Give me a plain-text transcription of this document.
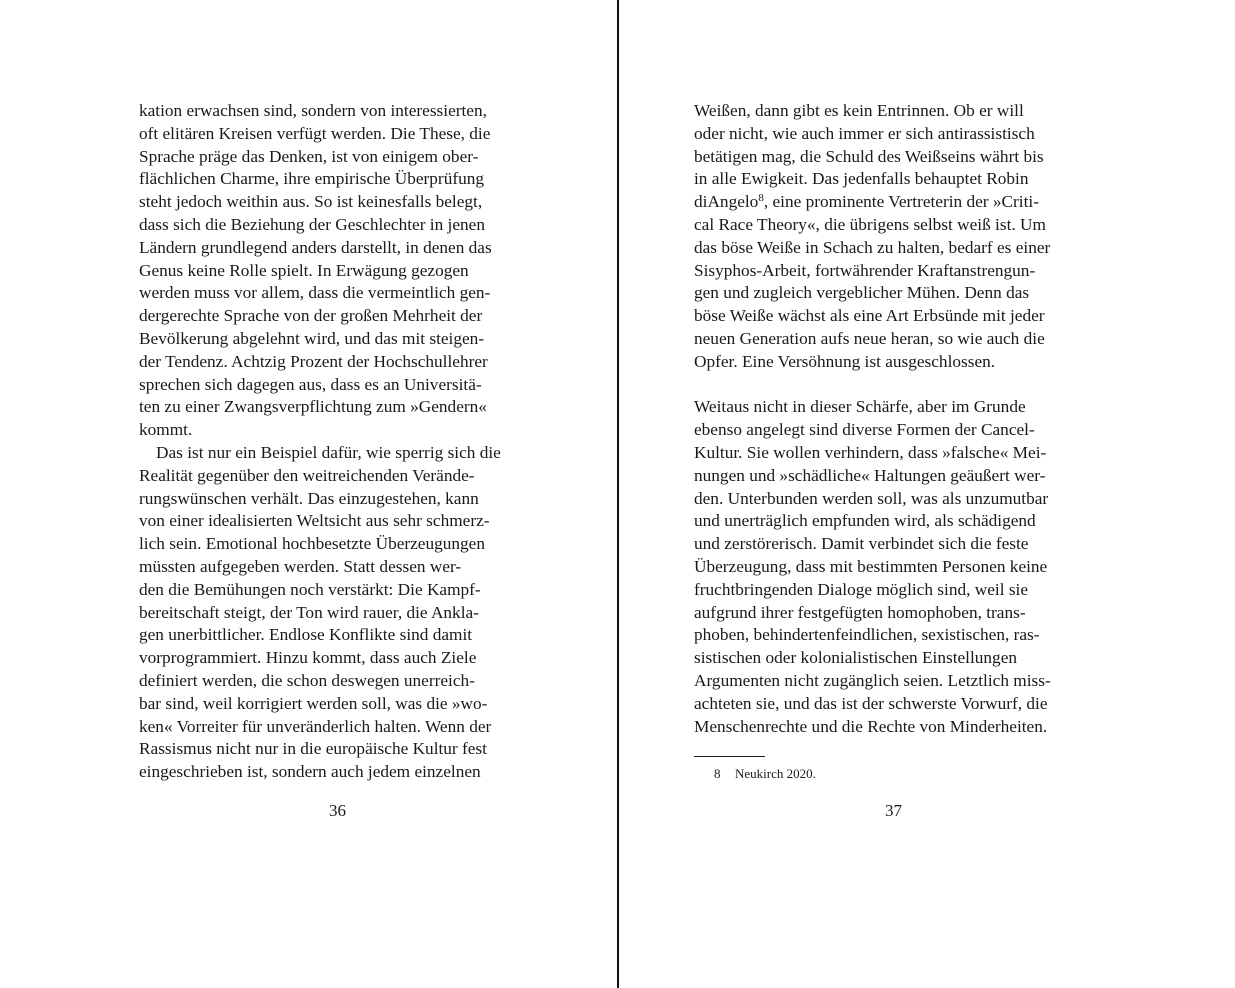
kation erwachsen sind, sondern von interessierten,
oft elitären Kreisen verfügt werden. Die These, die
Sprache präge das Denken, ist von einigem ober-
flächlichen Charme, ihre empirische Überprüfung
steht jedoch weithin aus. So ist keinesfalls belegt,
dass sich die Beziehung der Geschlechter in jenen
Ländern grundlegend anders darstellt, in denen das
Genus keine Rolle spielt. In Erwägung gezogen
werden muss vor allem, dass die vermeintlich gen-
dergerechte Sprache von der großen Mehrheit der
Bevölkerung abgelehnt wird, und das mit steigen-
der Tendenz. Achtzig Prozent der Hochschullehrer
sprechen sich dagegen aus, dass es an Universitä-
ten zu einer Zwangsverpflichtung zum »Gendern«
kommt.
Das ist nur ein Beispiel dafür, wie sperrig sich die
Realität gegenüber den weitreichenden Verände-
rungswünschen verhält. Das einzugestehen, kann
von einer idealisierten Weltsicht aus sehr schmerz-
lich sein. Emotional hochbesetzte Überzeugungen
müssten aufgegeben werden. Statt dessen wer-
den die Bemühungen noch verstärkt: Die Kampf-
bereitschaft steigt, der Ton wird rauer, die Ankla-
gen unerbittlicher. Endlose Konflikte sind damit
vorprogrammiert. Hinzu kommt, dass auch Ziele
definiert werden, die schon deswegen unerreich-
bar sind, weil korrigiert werden soll, was die »wo-
ken« Vorreiter für unveränderlich halten. Wenn der
Rassismus nicht nur in die europäische Kultur fest
eingeschrieben ist, sondern auch jedem einzelnen
36
Weißen, dann gibt es kein Entrinnen. Ob er will
oder nicht, wie auch immer er sich antirassistisch
betätigen mag, die Schuld des Weißseins währt bis
in alle Ewigkeit. Das jedenfalls behauptet Robin
diAngelo$^8$, eine prominente Vertreterin der »Criti-
cal Race Theory«, die übrigens selbst weiß ist. Um
das böse Weiße in Schach zu halten, bedarf es einer
Sisyphos-Arbeit, fortwährender Kraftanstrengun-
gen und zugleich vergeblicher Mühen. Denn das
böse Weiße wächst als eine Art Erbsünde mit jeder
neuen Generation aufs neue heran, so wie auch die
Opfer. Eine Versöhnung ist ausgeschlossen.
Weitaus nicht in dieser Schärfe, aber im Grunde
ebenso angelegt sind diverse Formen der Cancel-
Kultur. Sie wollen verhindern, dass »falsche« Mei-
nungen und »schädliche« Haltungen geäußert wer-
den. Unterbunden werden soll, was als unzumutbar
und unerträglich empfunden wird, als schädigend
und zerstörerisch. Damit verbindet sich die feste
Überzeugung, dass mit bestimmten Personen keine
fruchtbringenden Dialoge möglich sind, weil sie
aufgrund ihrer festgefügten homophoben, trans-
phoben, behindertenfeindlichen, sexistischen, ras-
sistischen oder kolonialistischen Einstellungen
Argumenten nicht zugänglich seien. Letztlich miss-
achteten sie, und das ist der schwerste Vorwurf, die
Menschenrechte und die Rechte von Minderheiten.
8 Neukirch 2020.
37
